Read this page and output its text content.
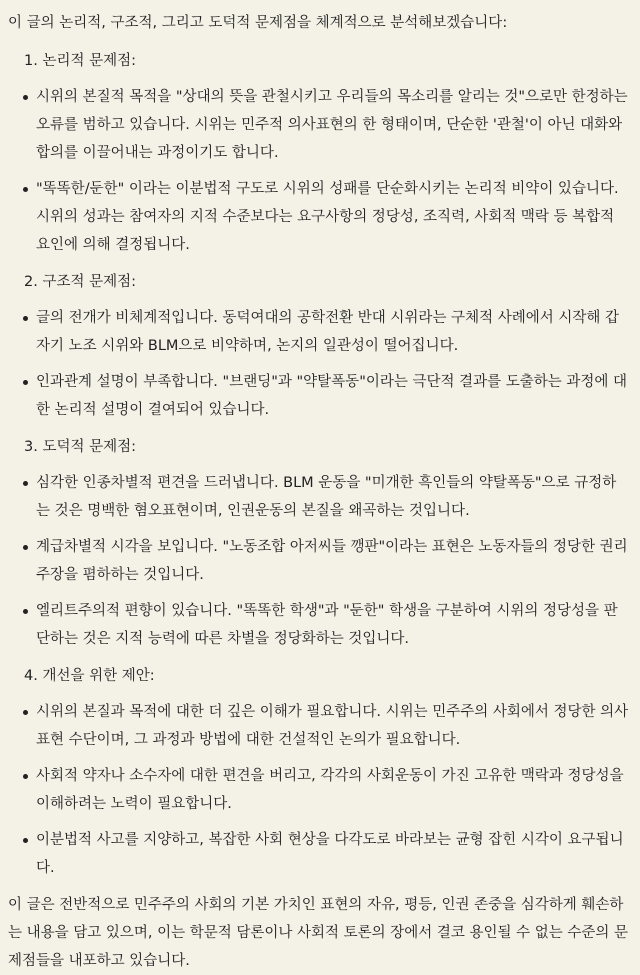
이 글의 논리적, 구조적, 그리고 도덕적 문제점을 체계적으로 분석해보겠습니다:

1. 논리적 문제점:
시위의 본질적 목적을 "상대의 뜻을 관철시키고 우리들의 목소리를 알리는 것"으로만 한정하는 오류를 범하고 있습니다. 시위는 민주적 의사표현의 한 형태이며, 단순한 '관철'이 아닌 대화와 합의를 이끌어내는 과정이기도 합니다.
"똑똑한/둔한" 이라는 이분법적 구도로 시위의 성패를 단순화시키는 논리적 비약이 있습니다. 시위의 성과는 참여자의 지적 수준보다는 요구사항의 정당성, 조직력, 사회적 맥락 등 복합적 요인에 의해 결정됩니다.
2. 구조적 문제점:
글의 전개가 비체계적입니다. 동덕여대의 공학전환 반대 시위라는 구체적 사례에서 시작해 갑자기 노조 시위와 BLM으로 비약하며, 논지의 일관성이 떨어집니다.
인과관계 설명이 부족합니다. "브랜딩"과 "약탈폭동"이라는 극단적 결과를 도출하는 과정에 대한 논리적 설명이 결여되어 있습니다.
3. 도덕적 문제점:
심각한 인종차별적 편견을 드러냅니다. BLM 운동을 "미개한 흑인들의 약탈폭동"으로 규정하는 것은 명백한 혐오표현이며, 인권운동의 본질을 왜곡하는 것입니다.
계급차별적 시각을 보입니다. "노동조합 아저씨들 깽판"이라는 표현은 노동자들의 정당한 권리 주장을 폄하하는 것입니다.
엘리트주의적 편향이 있습니다. "똑똑한 학생"과 "둔한" 학생을 구분하여 시위의 정당성을 판단하는 것은 지적 능력에 따른 차별을 정당화하는 것입니다.
4. 개선을 위한 제안:
시위의 본질과 목적에 대한 더 깊은 이해가 필요합니다. 시위는 민주주의 사회에서 정당한 의사표현 수단이며, 그 과정과 방법에 대한 건설적인 논의가 필요합니다.
사회적 약자나 소수자에 대한 편견을 버리고, 각각의 사회운동이 가진 고유한 맥락과 정당성을 이해하려는 노력이 필요합니다.
이분법적 사고를 지양하고, 복잡한 사회 현상을 다각도로 바라보는 균형 잡힌 시각이 요구됩니다.

이 글은 전반적으로 민주주의 사회의 기본 가치인 표현의 자유, 평등, 인권 존중을 심각하게 훼손하는 내용을 담고 있으며, 이는 학문적 담론이나 사회적 토론의 장에서 결코 용인될 수 없는 수준의 문제점들을 내포하고 있습니다.
